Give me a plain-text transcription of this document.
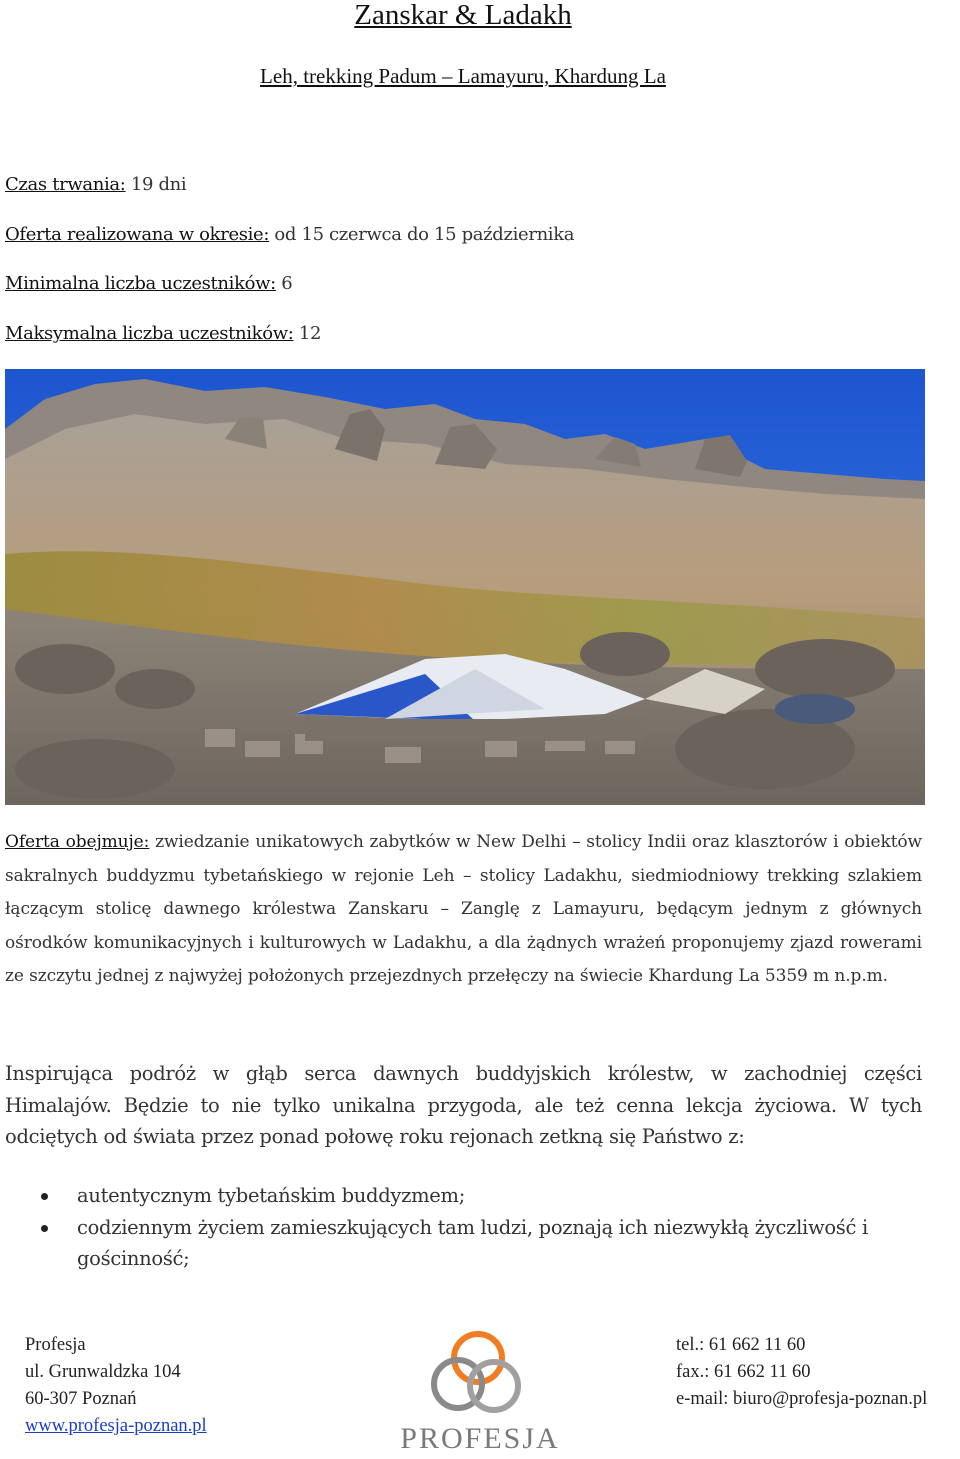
Zanskar & Ladakh
Leh, trekking Padum – Lamayuru, Khardung La
Czas trwania: 19 dni
Oferta realizowana w okresie: od 15 czerwca do 15 października
Minimalna liczba uczestników: 6
Maksymalna liczba uczestników: 12
Oferta obejmuje: zwiedzanie unikatowych zabytków w New Delhi – stolicy Indii oraz klasztorów i obiektów sakralnych buddyzmu tybetańskiego w rejonie Leh – stolicy Ladakhu, siedmiodniowy trekking szlakiem łączącym stolicę dawnego królestwa Zanskaru – Zanglę z Lamayuru, będącym jednym z głównych ośrodków komunikacyjnych i kulturowych w Ladakhu, a dla żądnych wrażeń proponujemy zjazd rowerami ze szczytu jednej z najwyżej położonych przejezdnych przełęczy na świecie Khardung La 5359 m n.p.m.
Inspirująca podróż w głąb serca dawnych buddyjskich królestw, w zachodniej części Himalajów. Będzie to nie tylko unikalna przygoda, ale też cenna lekcja życiowa. W tych odciętych od świata przez ponad połowę roku rejonach zetkną się Państwo z:
autentycznym tybetańskim buddyzmem;
codziennym życiem zamieszkujących tam ludzi, poznają ich niezwykłą życzliwość i gościnność;
Profesja
ul. Grunwaldzka 104
60-307 Poznań
www.profesja-poznan.pl
tel.: 61 662 11 60
fax.: 61 662 11 60
e-mail: biuro@profesja-poznan.pl
PROFESJA
